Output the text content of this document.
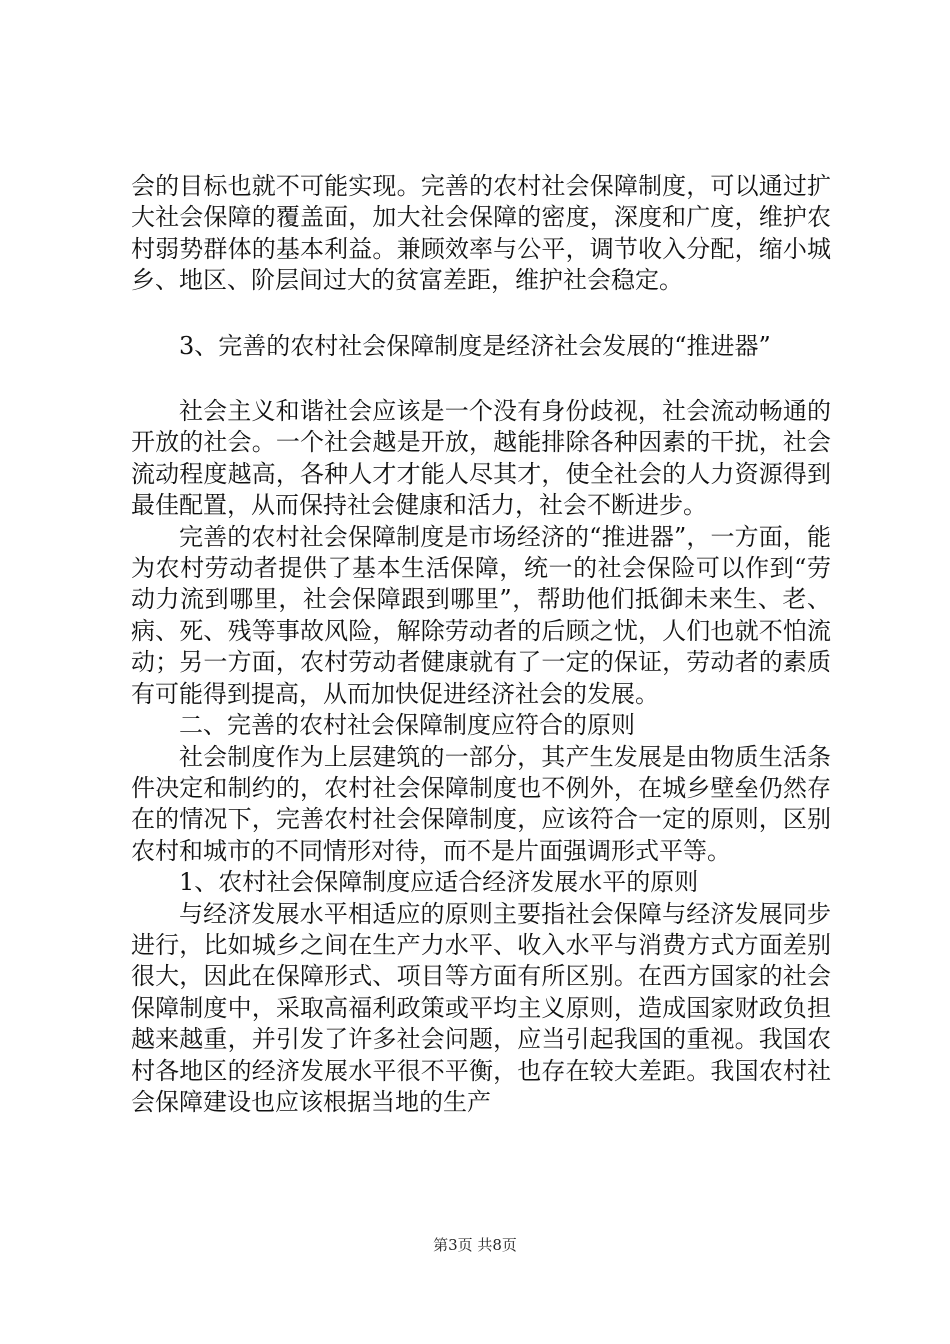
会的目标也就不可能实现。完善的农村社会保障制度，可以通过扩大社会保障的覆盖面，加大社会保障的密度，深度和广度，维护农村弱势群体的基本利益。兼顾效率与公平，调节收入分配，缩小城乡、地区、阶层间过大的贫富差距，维护社会稳定。

3、完善的农村社会保障制度是经济社会发展的“推进器”

社会主义和谐社会应该是一个没有身份歧视，社会流动畅通的开放的社会。一个社会越是开放，越能排除各种因素的干扰，社会流动程度越高，各种人才才能人尽其才，使全社会的人力资源得到最佳配置，从而保持社会健康和活力，社会不断进步。

完善的农村社会保障制度是市场经济的“推进器”，一方面，能为农村劳动者提供了基本生活保障，统一的社会保险可以作到“劳动力流到哪里，社会保障跟到哪里”，帮助他们抵御未来生、老、病、死、残等事故风险，解除劳动者的后顾之忧，人们也就不怕流动；另一方面，农村劳动者健康就有了一定的保证，劳动者的素质有可能得到提高，从而加快促进经济社会的发展。

二、完善的农村社会保障制度应符合的原则

社会制度作为上层建筑的一部分，其产生发展是由物质生活条件决定和制约的，农村社会保障制度也不例外，在城乡壁垒仍然存在的情况下，完善农村社会保障制度，应该符合一定的原则，区别农村和城市的不同情形对待，而不是片面强调形式平等。

1、农村社会保障制度应适合经济发展水平的原则

与经济发展水平相适应的原则主要指社会保障与经济发展同步进行，比如城乡之间在生产力水平、收入水平与消费方式方面差别很大，因此在保障形式、项目等方面有所区别。在西方国家的社会保障制度中，采取高福利政策或平均主义原则，造成国家财政负担越来越重，并引发了许多社会问题，应当引起我国的重视。我国农村各地区的经济发展水平很不平衡，也存在较大差距。我国农村社会保障建设也应该根据当地的生产

第3页 共8页
